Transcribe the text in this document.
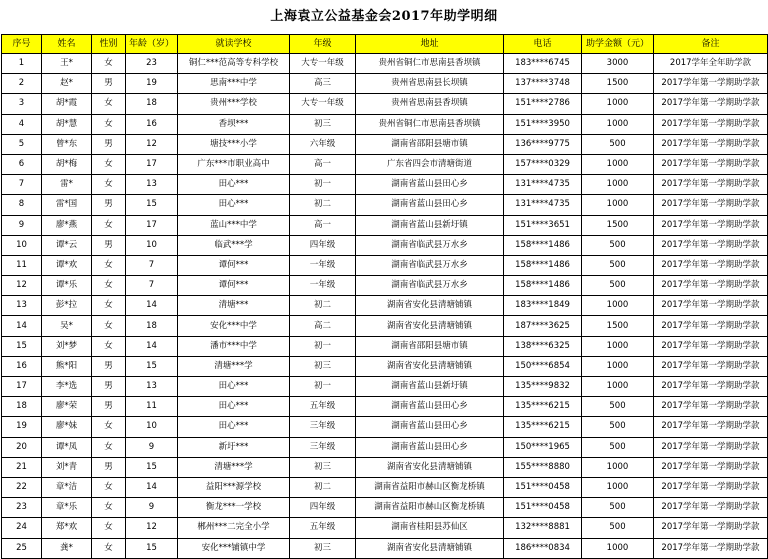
上海袁立公益基金会2017年助学明细
序号	姓名	性别	年龄（岁）	就读学校	年级	地址	电话	助学金额（元）	备注
1	王*	女	23	铜仁***范高等专科学校	大专一年级	贵州省铜仁市思南县香坝镇	183****6745	3000	2017学年全年助学款
2	赵*	男	19	思南***中学	高三	贵州省思南县长坝镇	137****3748	1500	2017学年第一学期助学款
3	胡*霞	女	18	贵州***学校	大专一年级	贵州省思南县香坝镇	151****2786	1000	2017学年第一学期助学款
4	胡*慧	女	16	香坝***	初三	贵州省铜仁市思南县香坝镇	151****3950	1000	2017学年第一学期助学款
5	曾*东	男	12	塘技***小学	六年级	湖南省邵阳县塘市镇	136****9775	500	2017学年第一学期助学款
6	胡*梅	女	17	广东***市职业高中	高一	广东省四会市清塘街道	157****0329	1000	2017学年第一学期助学款
7	雷*	女	13	田心***	初一	湖南省蓝山县田心乡	131****4735	1000	2017学年第一学期助学款
8	雷*国	男	15	田心***	初二	湖南省蓝山县田心乡	131****4735	1000	2017学年第一学期助学款
9	廖*燕	女	17	蓝山***中学	高一	湖南省蓝山县新圩镇	151****3651	1500	2017学年第一学期助学款
10	谭*云	男	10	临武***学	四年级	湖南省临武县万水乡	158****1486	500	2017学年第一学期助学款
11	谭*欢	女	7	谭何***	一年级	湖南省临武县万水乡	158****1486	500	2017学年第一学期助学款
12	谭*乐	女	7	谭何***	一年级	湖南省临武县万水乡	158****1486	500	2017学年第一学期助学款
13	彭*拉	女	14	清塘***	初二	湖南省安化县清塘铺镇	183****1849	1000	2017学年第一学期助学款
14	吴*	女	18	安化***中学	高二	湖南省安化县清塘铺镇	187****3625	1500	2017学年第一学期助学款
15	刘*梦	女	14	潘市***中学	初一	湖南省邵阳县塘市镇	138****6325	1000	2017学年第一学期助学款
16	熊*阳	男	15	清塘***学	初三	湖南省安化县清塘铺镇	150****6854	1000	2017学年第一学期助学款
17	李*选	男	13	田心***	初一	湖南省蓝山县新圩镇	135****9832	1000	2017学年第一学期助学款
18	廖*荣	男	11	田心***	五年级	湖南省蓝山县田心乡	135****6215	500	2017学年第一学期助学款
19	廖*妹	女	10	田心***	三年级	湖南省蓝山县田心乡	135****6215	500	2017学年第一学期助学款
20	谭*凤	女	9	新圩***	三年级	湖南省蓝山县田心乡	150****1965	500	2017学年第一学期助学款
21	刘*青	男	15	清塘***学	初三	湖南省安化县清塘铺镇	155****8880	1000	2017学年第一学期助学款
22	章*洁	女	14	益阳***源学校	初二	湖南省益阳市赫山区衡龙桥镇	151****0458	1000	2017学年第一学期助学款
23	章*乐	女	9	衡龙***一学校	四年级	湖南省益阳市赫山区衡龙桥镇	151****0458	500	2017学年第一学期助学款
24	郑*欢	女	12	郴州***二完全小学	五年级	湖南省桂阳县苏仙区	132****8881	500	2017学年第一学期助学款
25	龚*	女	15	安化***铺镇中学	初三	湖南省安化县清塘铺镇	186****0834	1000	2017学年第一学期助学款
